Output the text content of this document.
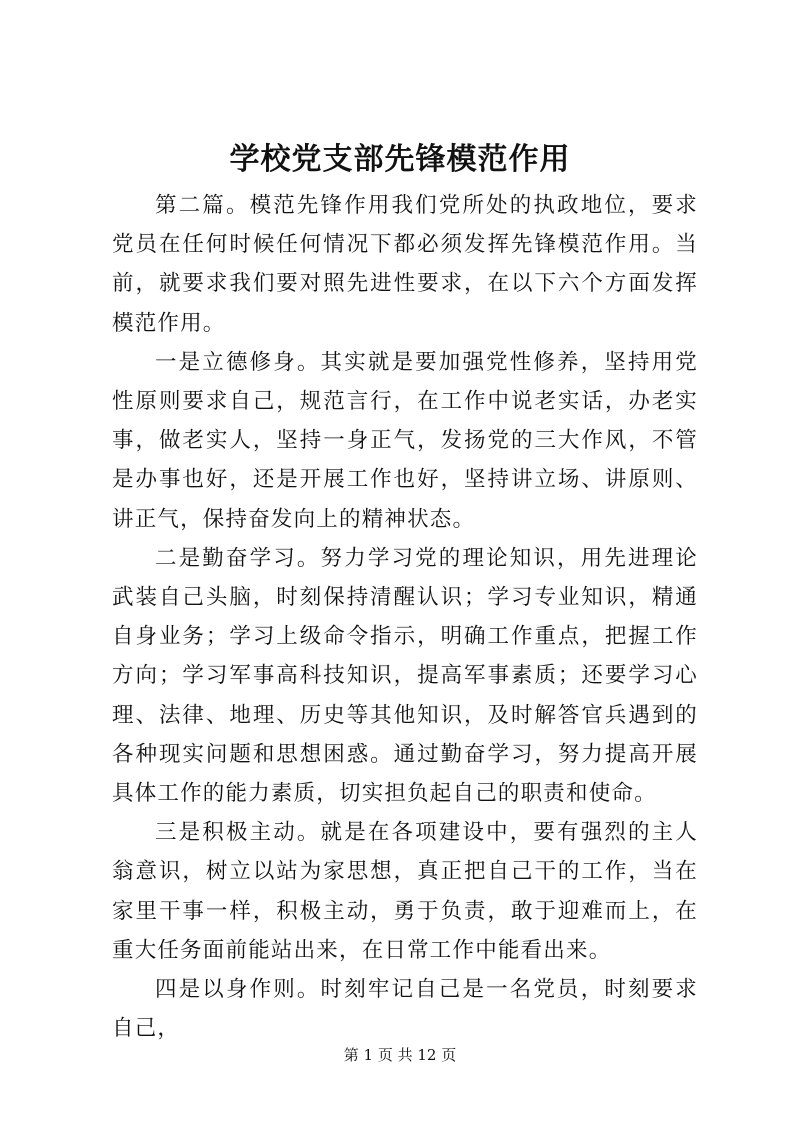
学校党支部先锋模范作用

第二篇。模范先锋作用我们党所处的执政地位，要求党员在任何时候任何情况下都必须发挥先锋模范作用。当前，就要求我们要对照先进性要求，在以下六个方面发挥模范作用。

一是立德修身。其实就是要加强党性修养，坚持用党性原则要求自己，规范言行，在工作中说老实话，办老实事，做老实人，坚持一身正气，发扬党的三大作风，不管是办事也好，还是开展工作也好，坚持讲立场、讲原则、讲正气，保持奋发向上的精神状态。

二是勤奋学习。努力学习党的理论知识，用先进理论武装自己头脑，时刻保持清醒认识；学习专业知识，精通自身业务；学习上级命令指示，明确工作重点，把握工作方向；学习军事高科技知识，提高军事素质；还要学习心理、法律、地理、历史等其他知识，及时解答官兵遇到的各种现实问题和思想困惑。通过勤奋学习，努力提高开展具体工作的能力素质，切实担负起自己的职责和使命。

三是积极主动。就是在各项建设中，要有强烈的主人翁意识，树立以站为家思想，真正把自己干的工作，当在家里干事一样，积极主动，勇于负责，敢于迎难而上，在重大任务面前能站出来，在日常工作中能看出来。

四是以身作则。时刻牢记自己是一名党员，时刻要求自己，

第 1 页 共 12 页
